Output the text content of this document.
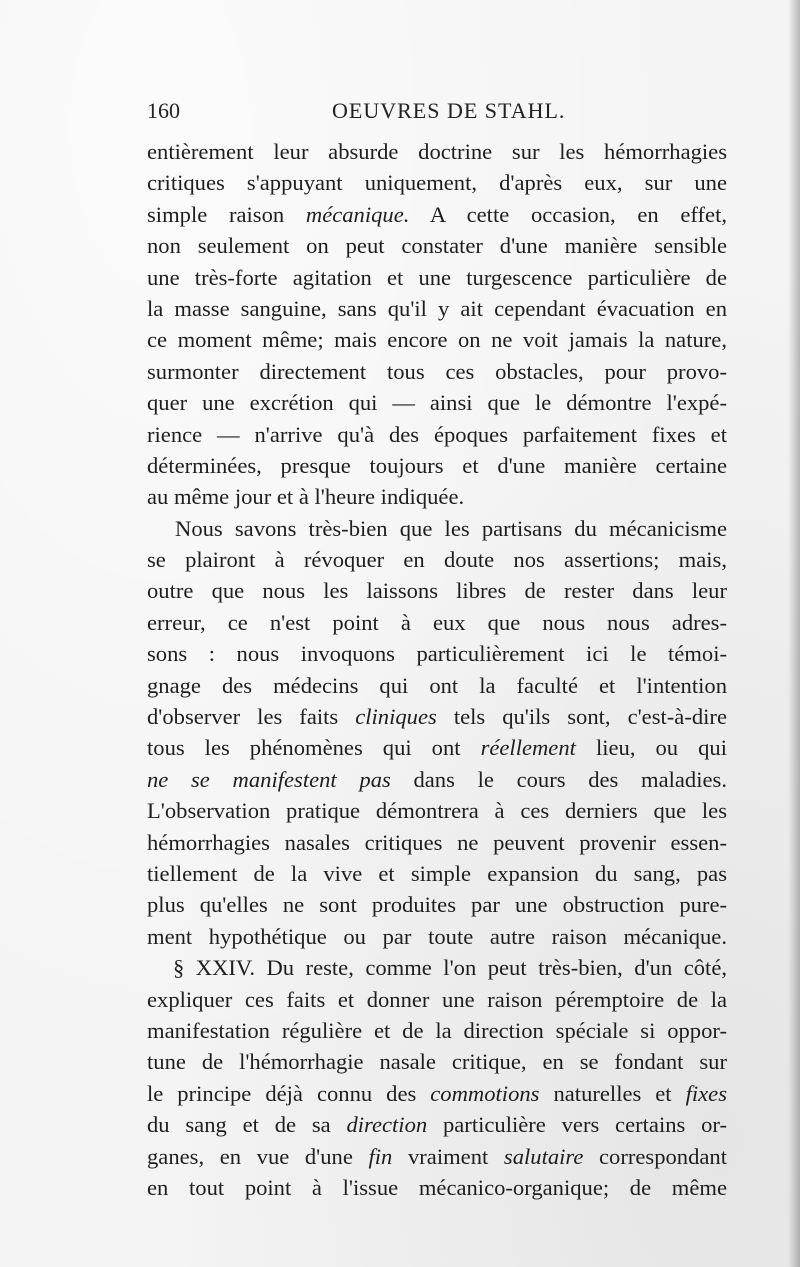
160	OEUVRES DE STAHL.
entièrement leur absurde doctrine sur les hémorrhagies
critiques s'appuyant uniquement, d'après eux, sur une
simple raison mécanique. A cette occasion, en effet,
non seulement on peut constater d'une manière sensible
une très-forte agitation et une turgescence particulière de
la masse sanguine, sans qu'il y ait cependant évacuation en
ce moment même; mais encore on ne voit jamais la nature,
surmonter directement tous ces obstacles, pour provo-
quer une excrétion qui — ainsi que le démontre l'expé-
rience — n'arrive qu'à des époques parfaitement fixes et
déterminées, presque toujours et d'une manière certaine
au même jour et à l'heure indiquée.
Nous savons très-bien que les partisans du mécanicisme
se plairont à révoquer en doute nos assertions; mais,
outre que nous les laissons libres de rester dans leur
erreur, ce n'est point à eux que nous nous adres-
sons : nous invoquons particulièrement ici le témoi-
gnage des médecins qui ont la faculté et l'intention
d'observer les faits cliniques tels qu'ils sont, c'est-à-dire
tous les phénomènes qui ont réellement lieu, ou qui
ne se manifestent pas dans le cours des maladies.
L'observation pratique démontrera à ces derniers que les
hémorrhagies nasales critiques ne peuvent provenir essen-
tiellement de la vive et simple expansion du sang, pas
plus qu'elles ne sont produites par une obstruction pure-
ment hypothétique ou par toute autre raison mécanique.
§ XXIV. Du reste, comme l'on peut très-bien, d'un côté,
expliquer ces faits et donner une raison péremptoire de la
manifestation régulière et de la direction spéciale si oppor-
tune de l'hémorrhagie nasale critique, en se fondant sur
le principe déjà connu des commotions naturelles et fixes
du sang et de sa direction particulière vers certains or-
ganes, en vue d'une fin vraiment salutaire correspondant
en tout point à l'issue mécanico-organique; de même
